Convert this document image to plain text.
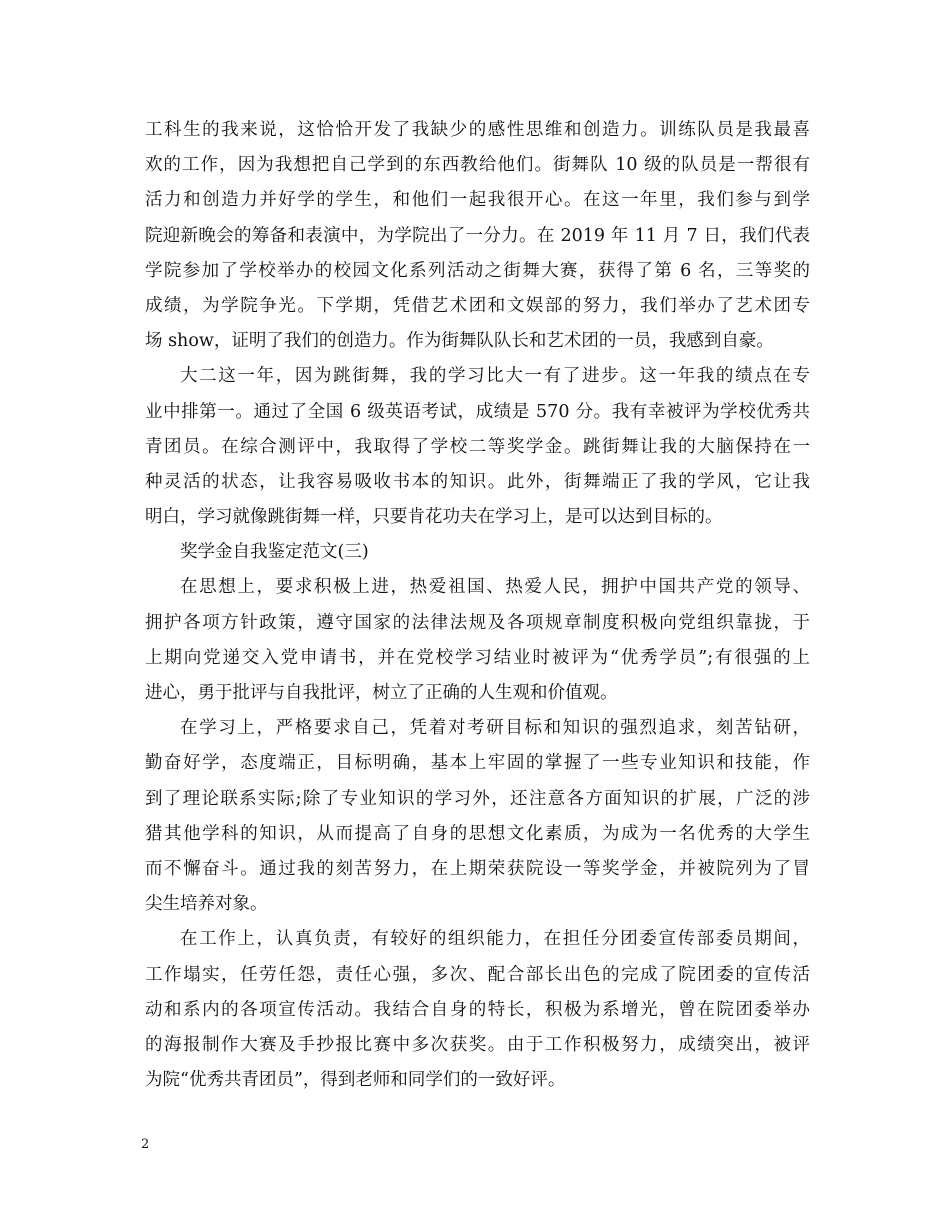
工科生的我来说，这恰恰开发了我缺少的感性思维和创造力。训练队员是我最喜
欢的工作，因为我想把自己学到的东西教给他们。街舞队 10 级的队员是一帮很有
活力和创造力并好学的学生，和他们一起我很开心。在这一年里，我们参与到学
院迎新晚会的筹备和表演中，为学院出了一分力。在 2019 年 11 月 7 日，我们代表
学院参加了学校举办的校园文化系列活动之街舞大赛，获得了第 6 名，三等奖的
成绩，为学院争光。下学期，凭借艺术团和文娱部的努力，我们举办了艺术团专
场 show，证明了我们的创造力。作为街舞队队长和艺术团的一员，我感到自豪。
大二这一年，因为跳街舞，我的学习比大一有了进步。这一年我的绩点在专
业中排第一。通过了全国 6 级英语考试，成绩是 570 分。我有幸被评为学校优秀共
青团员。在综合测评中，我取得了学校二等奖学金。跳街舞让我的大脑保持在一
种灵活的状态，让我容易吸收书本的知识。此外，街舞端正了我的学风，它让我
明白，学习就像跳街舞一样，只要肯花功夫在学习上，是可以达到目标的。
奖学金自我鉴定范文(三)
在思想上，要求积极上进，热爱祖国、热爱人民，拥护中国共产党的领导、
拥护各项方针政策，遵守国家的法律法规及各项规章制度积极向党组织靠拢，于
上期向党递交入党申请书，并在党校学习结业时被评为“优秀学员”;有很强的上
进心，勇于批评与自我批评，树立了正确的人生观和价值观。
在学习上，严格要求自己，凭着对考研目标和知识的强烈追求，刻苦钻研，
勤奋好学，态度端正，目标明确，基本上牢固的掌握了一些专业知识和技能，作
到了理论联系实际;除了专业知识的学习外，还注意各方面知识的扩展，广泛的涉
猎其他学科的知识，从而提高了自身的思想文化素质，为成为一名优秀的大学生
而不懈奋斗。通过我的刻苦努力，在上期荣获院设一等奖学金，并被院列为了冒
尖生培养对象。
在工作上，认真负责，有较好的组织能力，在担任分团委宣传部委员期间，
工作塌实，任劳任怨，责任心强，多次、配合部长出色的完成了院团委的宣传活
动和系内的各项宣传活动。我结合自身的特长，积极为系增光，曾在院团委举办
的海报制作大赛及手抄报比赛中多次获奖。由于工作积极努力，成绩突出，被评
为院“优秀共青团员”，得到老师和同学们的一致好评。
2
